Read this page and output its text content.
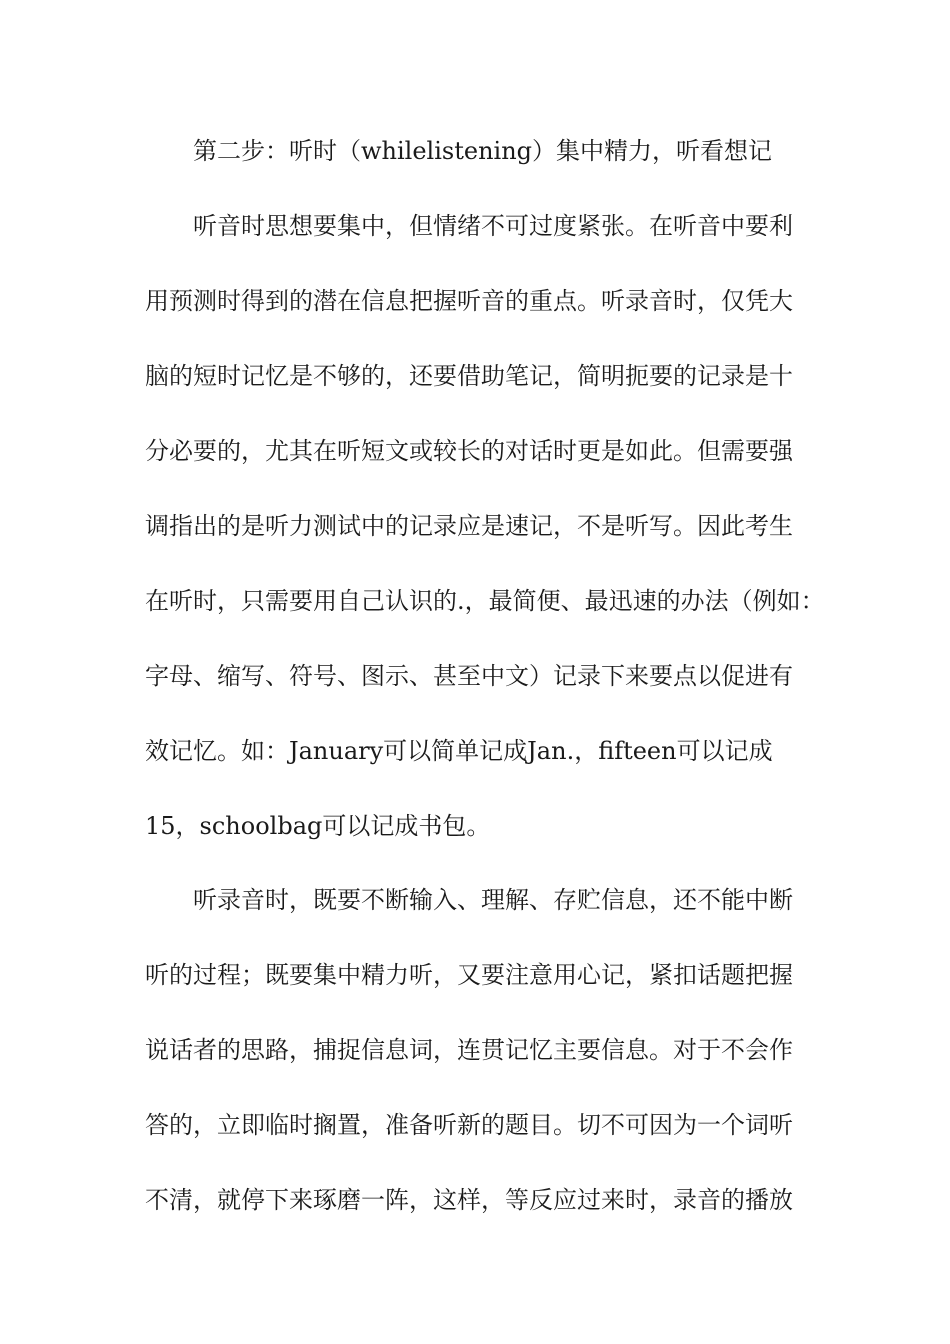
第二步：听时（whilelistening）集中精力，听看想记
听音时思想要集中，但情绪不可过度紧张。在听音中要利
用预测时得到的潜在信息把握听音的重点。听录音时，仅凭大
脑的短时记忆是不够的，还要借助笔记，简明扼要的记录是十
分必要的，尤其在听短文或较长的对话时更是如此。但需要强
调指出的是听力测试中的记录应是速记，不是听写。因此考生
在听时，只需要用自己认识的.，最简便、最迅速的办法（例如：
字母、缩写、符号、图示、甚至中文）记录下来要点以促进有
效记忆。如：January可以简单记成Jan.，fifteen可以记成
15，schoolbag可以记成书包。
听录音时，既要不断输入、理解、存贮信息，还不能中断
听的过程；既要集中精力听，又要注意用心记，紧扣话题把握
说话者的思路，捕捉信息词，连贯记忆主要信息。对于不会作
答的，立即临时搁置，准备听新的题目。切不可因为一个词听
不清，就停下来琢磨一阵，这样，等反应过来时，录音的播放
